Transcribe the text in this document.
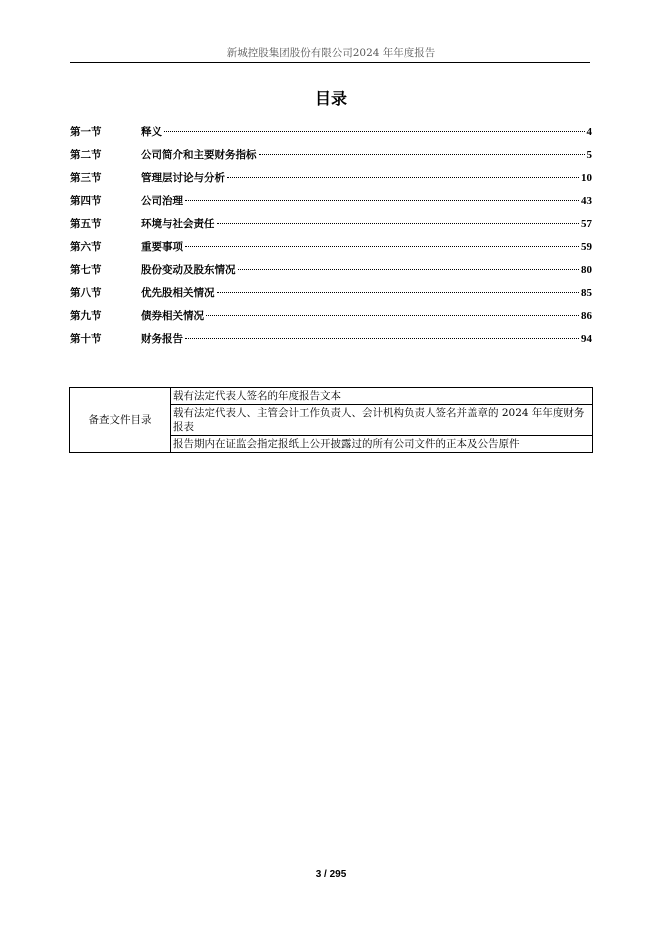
新城控股集团股份有限公司2024 年年度报告
目录
第一节	释义	4
第二节	公司简介和主要财务指标	5
第三节	管理层讨论与分析	10
第四节	公司治理	43
第五节	环境与社会责任	57
第六节	重要事项	59
第七节	股份变动及股东情况	80
第八节	优先股相关情况	85
第九节	债券相关情况	86
第十节	财务报告	94
备查文件目录	载有法定代表人签名的年度报告文本
载有法定代表人、主管会计工作负责人、会计机构负责人签名并盖章的 2024 年年度财务报表
报告期内在证监会指定报纸上公开披露过的所有公司文件的正本及公告原件
3 / 295
